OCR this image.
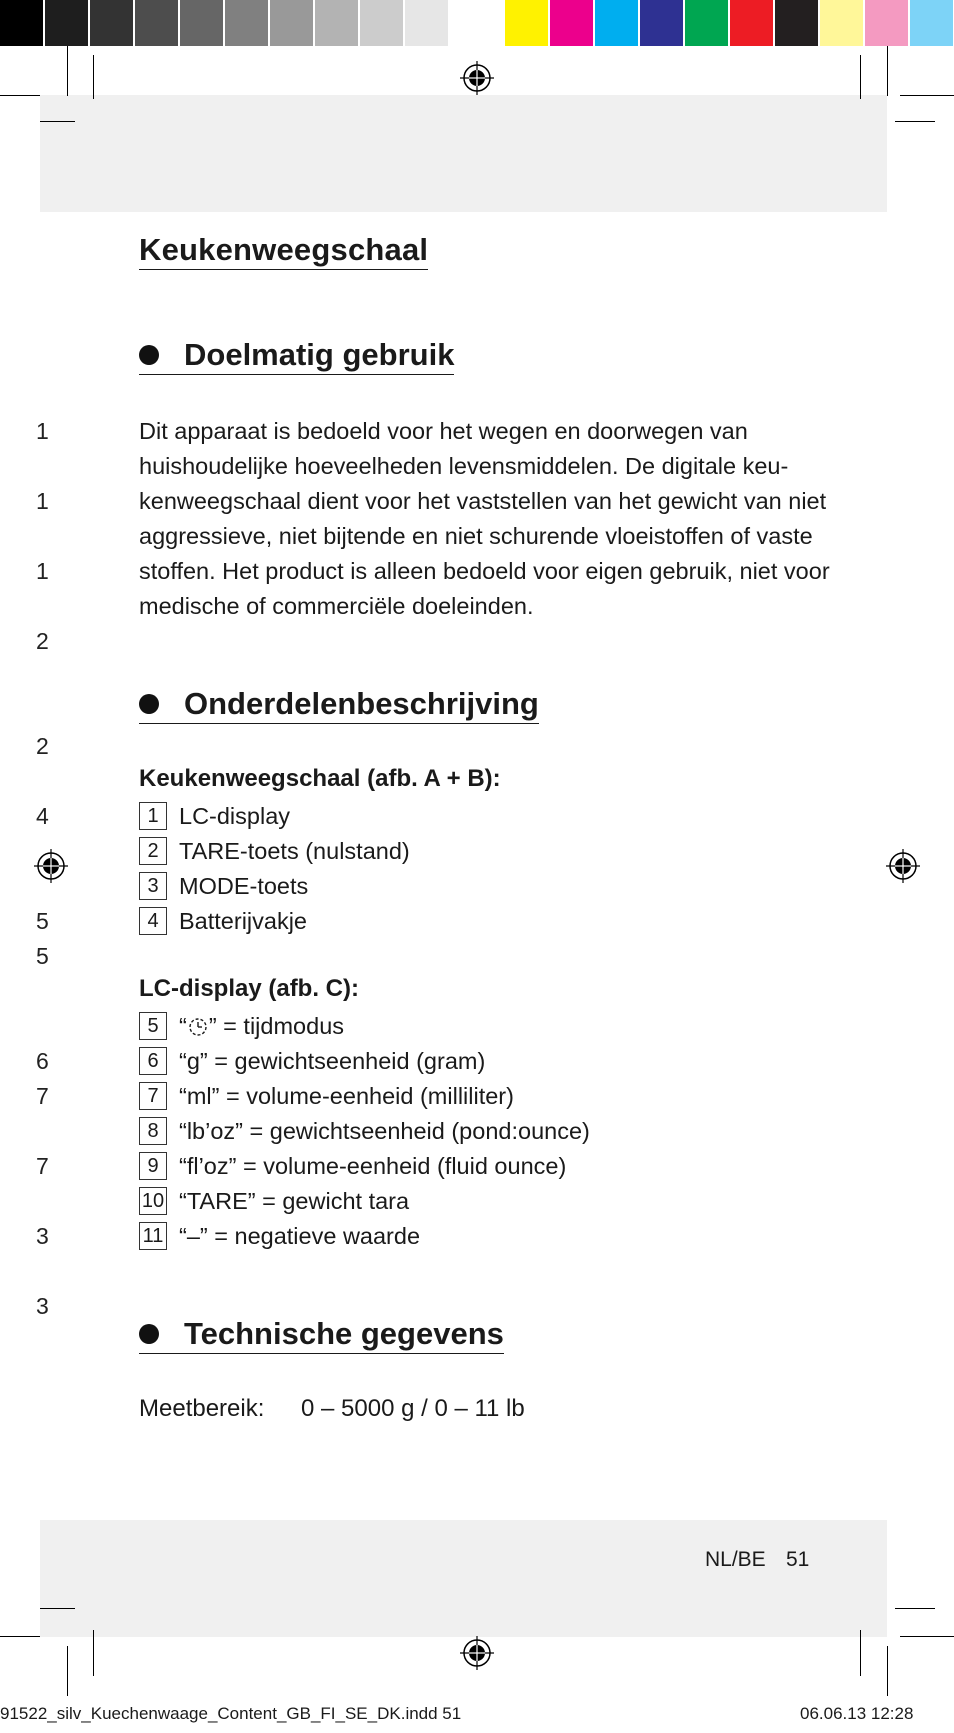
1
1
1
2
2
4
5
5
6
7
7
3
3
Keukenweegschaal
Doelmatig gebruik
Dit apparaat is bedoeld voor het wegen en doorwegen van huishoudelijke hoeveelheden levensmiddelen. De digitale keu-kenweegschaal dient voor het vaststellen van het gewicht van niet aggressieve, niet bijtende en niet schurende vloeistoffen of vaste stoffen. Het product is alleen bedoeld voor eigen gebruik, niet voor medische of commerciële doeleinden.
Onderdelenbeschrijving
Keukenweegschaal (afb. A + B):
1 LC-display
2 TARE-toets (nulstand)
3 MODE-toets
4 Batterijvakje
LC-display (afb. C):
5 “ ” = tijdmodus
6 “g” = gewichtseenheid (gram)
7 “ml” = volume-eenheid (milliliter)
8 “lb’oz” = gewichtseenheid (pond:ounce)
9 “fl’oz” = volume-eenheid (fluid ounce)
10 “TARE” = gewicht tara
11 “–” = negatieve waarde
Technische gegevens
Meetbereik:	0 – 5000 g / 0 – 11 lb
NL/BE 51
91522_silv_Kuechenwaage_Content_GB_FI_SE_DK.indd 51	06.06.13 12:28
